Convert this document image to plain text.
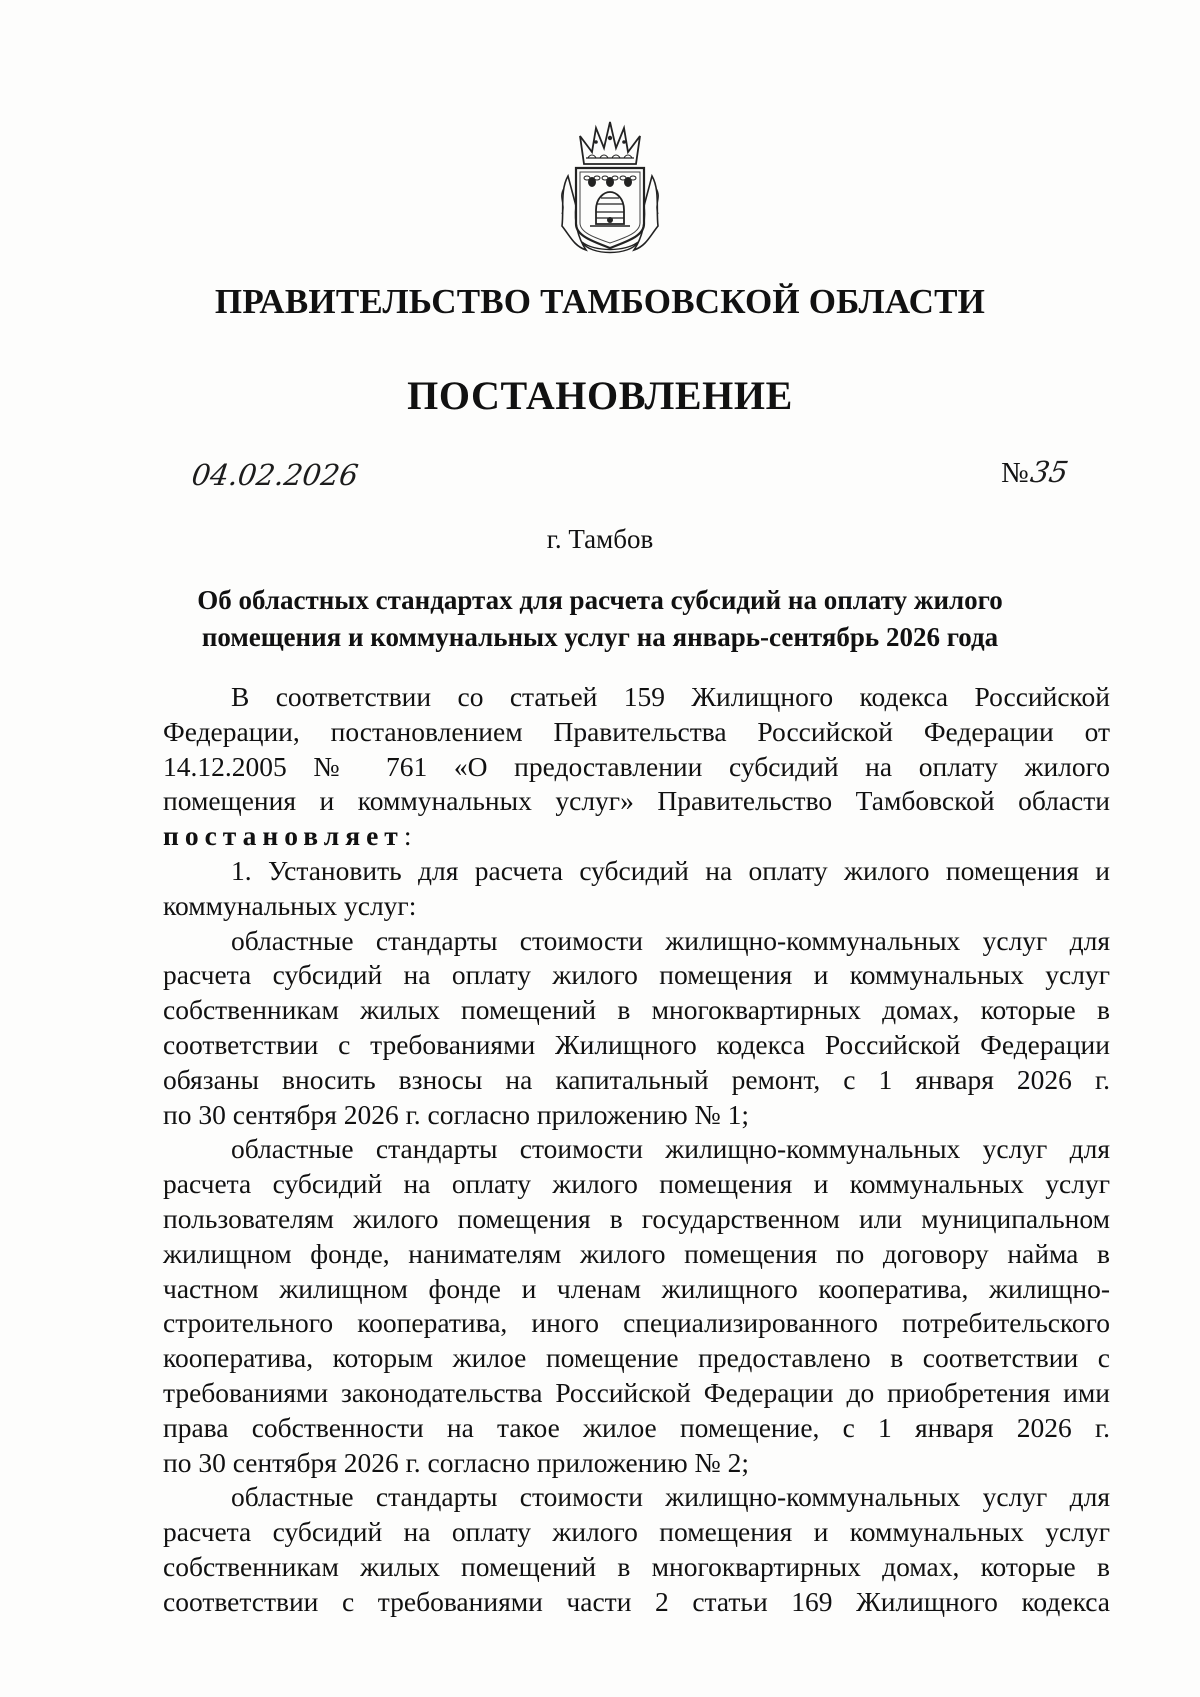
ПРАВИТЕЛЬСТВО ТАМБОВСКОЙ ОБЛАСТИ
ПОСТАНОВЛЕНИЕ
04.02.2026	№35
г. Тамбов
Об областных стандартах для расчета субсидий на оплату жилого
помещения и коммунальных услуг на январь-сентябрь 2026 года

В соответствии со статьей 159 Жилищного кодекса Российской
Федерации, постановлением Правительства Российской Федерации от
14.12.2005 № 761 «О предоставлении субсидий на оплату жилого
помещения и коммунальных услуг» Правительство Тамбовской области
постановляет:

1. Установить для расчета субсидий на оплату жилого помещения и
коммунальных услуг:

областные стандарты стоимости жилищно-коммунальных услуг для
расчета субсидий на оплату жилого помещения и коммунальных услуг
собственникам жилых помещений в многоквартирных домах, которые в
соответствии с требованиями Жилищного кодекса Российской Федерации
обязаны вносить взносы на капитальный ремонт, с 1 января 2026 г.
по 30 сентября 2026 г. согласно приложению № 1;

областные стандарты стоимости жилищно-коммунальных услуг для
расчета субсидий на оплату жилого помещения и коммунальных услуг
пользователям жилого помещения в государственном или муниципальном
жилищном фонде, нанимателям жилого помещения по договору найма в
частном жилищном фонде и членам жилищного кооператива, жилищно-
строительного кооператива, иного специализированного потребительского
кооператива, которым жилое помещение предоставлено в соответствии с
требованиями законодательства Российской Федерации до приобретения ими
права собственности на такое жилое помещение, с 1 января 2026 г.
по 30 сентября 2026 г. согласно приложению № 2;

областные стандарты стоимости жилищно-коммунальных услуг для
расчета субсидий на оплату жилого помещения и коммунальных услуг
собственникам жилых помещений в многоквартирных домах, которые в
соответствии с требованиями части 2 статьи 169 Жилищного кодекса
